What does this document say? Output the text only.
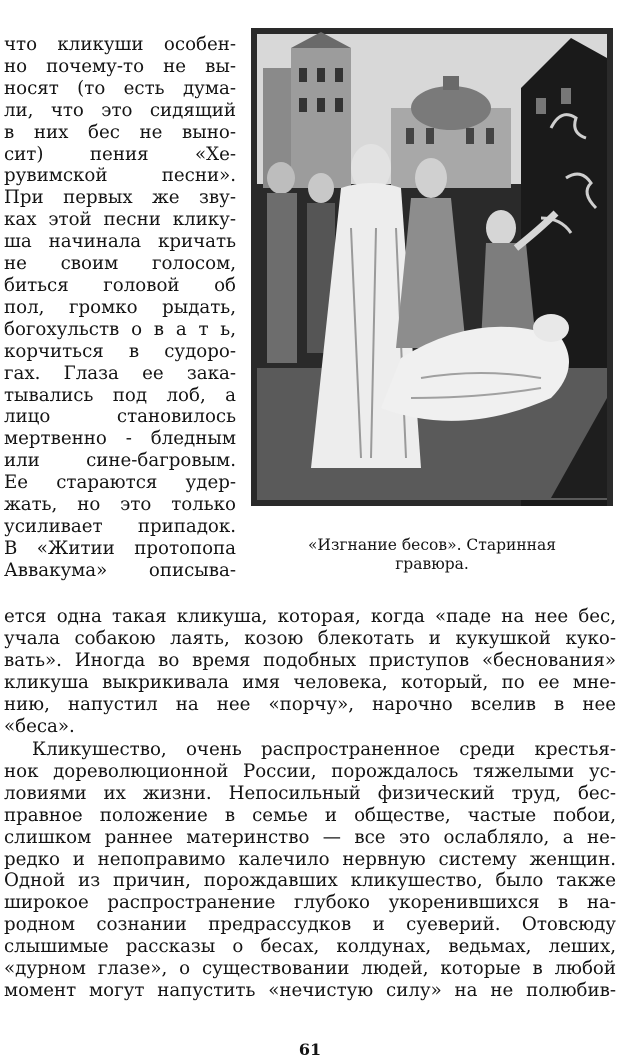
что кликуши особен-
но почему-то не вы-
носят (то есть дума-
ли, что это сидящий
в них бес не выно-
сит) пения «Хе-
рувимской песни».
При первых же зву-
ках этой песни клику-
ша начинала кричать
не своим голосом,
биться головой об
пол, громко рыдать,
богохульств о в а т ь,
корчиться в судоро-
гах. Глаза ее зака-
тывались под лоб, а
лицо становилось
мертвенно - бледным
или сине-багровым.
Ее стараются удер-
жать, но это только
усиливает припадок.
В «Житии протопопа
Аввакума» описыва-
«Изгнание бесов». Старинная
гравюра.
ется одна такая кликуша, которая, когда «паде на нее бес,
учала собакою лаять, козою блекотать и кукушкой куко-
вать». Иногда во время подобных приступов «беснования»
кликуша выкрикивала имя человека, который, по ее мне-
нию, напустил на нее «порчу», нарочно вселив в нее
«беса».
Кликушество, очень распространенное среди крестья-
нок дореволюционной России, порождалось тяжелыми ус-
ловиями их жизни. Непосильный физический труд, бес-
правное положение в семье и обществе, частые побои,
слишком раннее материнство — все это ослабляло, а не-
редко и непоправимо калечило нервную систему женщин.
Одной из причин, порождавших кликушество, было также
широкое распространение глубоко укоренившихся в на-
родном сознании предрассудков и суеверий. Отовсюду
слышимые рассказы о бесах, колдунах, ведьмах, леших,
«дурном глазе», о существовании людей, которые в любой
момент могут напустить «нечистую силу» на не полюбив-
61
